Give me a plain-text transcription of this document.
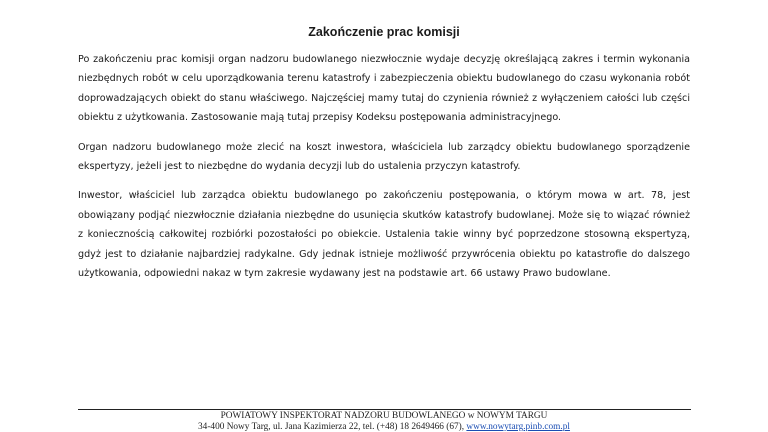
Zakończenie prac komisji

Po zakończeniu prac komisji organ nadzoru budowlanego niezwłocznie wydaje decyzję określającą zakres i termin wykonania niezbędnych robót w celu uporządkowania terenu katastrofy i zabezpieczenia obiektu budowlanego do czasu wykonania robót doprowadzających obiekt do stanu właściwego. Najczęściej mamy tutaj do czynienia również z wyłączeniem całości lub części obiektu z użytkowania. Zastosowanie mają tutaj przepisy Kodeksu postępowania administracyjnego.

Organ nadzoru budowlanego może zlecić na koszt inwestora, właściciela lub zarządcy obiektu budowlanego sporządzenie ekspertyzy, jeżeli jest to niezbędne do wydania decyzji lub do ustalenia przyczyn katastrofy.

Inwestor, właściciel lub zarządca obiektu budowlanego po zakończeniu postępowania, o którym mowa w art. 78, jest obowiązany podjąć niezwłocznie działania niezbędne do usunięcia skutków katastrofy budowlanej. Może się to wiązać również z koniecznością całkowitej rozbiórki pozostałości po obiekcie. Ustalenia takie winny być poprzedzone stosowną ekspertyzą, gdyż jest to działanie najbardziej radykalne. Gdy jednak istnieje możliwość przywrócenia obiektu po katastrofie do dalszego użytkowania, odpowiedni nakaz w tym zakresie wydawany jest na podstawie art. 66 ustawy Prawo budowlane.

POWIATOWY INSPEKTORAT NADZORU BUDOWLANEGO w NOWYM TARGU
34-400 Nowy Targ, ul. Jana Kazimierza 22, tel. (+48) 18 2649466 (67), www.nowytarg.pinb.com.pl
